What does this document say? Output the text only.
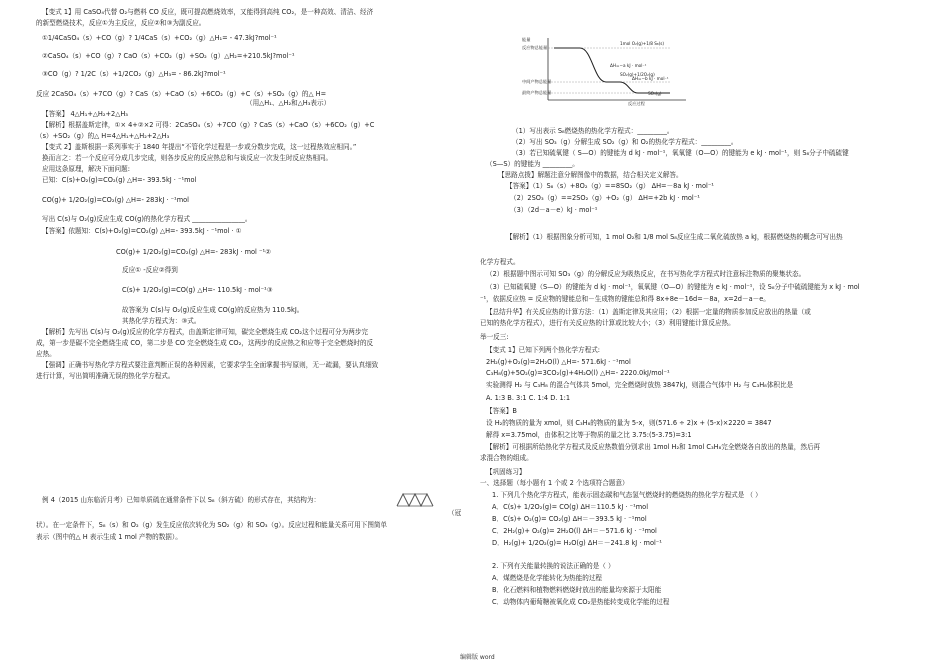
【变式 1】用 CaSO₄代替 O₂与燃料 CO 反应，既可提高燃烧效率，又能得到高纯 CO₂，是一种高效、清洁、经济
的新型燃烧技术，反应①为主反应，反应②和③为副反应。
①1/4CaSO₄（s）+CO（g）? 1/4CaS（s）+CO₂（g）△H₁= - 47.3kJ?mol⁻¹
②CaSO₄（s）+CO（g）? CaO（s）+CO₂（g）+SO₂（g）△H₂=+210.5kJ?mol⁻¹
③CO（g）? 1/2C（s）+1/2CO₂（g）△H₃= - 86.2kJ?mol⁻¹
反应 2CaSO₄（s）+7CO（g）? CaS（s）+CaO（s）+6CO₂（g）+C（s）+SO₂（g）的△ H=
（用△H₁、△H₂和△H₃表示）
【答案】 4△H₁+△H₂+2△H₃
【解析】根据盖斯定律，①× 4+②×2 可得：2CaSO₄（s）+7CO（g）? CaS（s）+CaO（s）+6CO₂（g）+C
（s）+SO₂（g）的△ H=4△H₁+△H₂+2△H₃
【变式 2】盖斯根据一系列事实于 1840 年提出“不管化学过程是一步或分数步完成，这一过程热效应相同。”
换而言之：若一个反应可分成几步完成，则各步反应的反应热总和与该反应一次发生时反应热相同。
应用这条原理，解决下面问题:
已知：C(s)+O₂(g)=CO₂(g) △H=- 393.5kJ · ⁻¹mol
CO(g)+ 1/2O₂(g)=CO₂(g) △H=- 283kJ · ⁻¹mol
写出 C(s)与 O₂(g)反应生成 CO(g)的热化学方程式 ________________。
【答案】依题知：C(s)+O₂(g)=CO₂(g) △H=- 393.5kJ · ⁻¹mol · ①
CO(g)+ 1/2O₂(g)=CO₂(g) △H=- 283kJ · mol ⁻¹②
反应① -反应②得到
C(s)+ 1/2O₂(g)=CO(g) △H=- 110.5kJ · mol⁻¹③
故答案为 C(s)与 O₂(g)反应生成 CO(g)的反应热为 110.5kJ。
其热化学方程式为：③式。
【解析】先写出 C(s)与 O₂(g)反应的化学方程式，由盖斯定律可知，碳完全燃烧生成 CO₂这个过程可分为两步完
成，第一步是碳不完全燃烧生成 CO，第二步是 CO 完全燃烧生成 CO₂，这两步的反应热之和应等于完全燃烧时的反
应热。
【强调】正确书写热化学方程式要注意判断正误的各种因素，它要求学生全面掌握书写原则，无一疏漏，要认真细致
进行计算，写出简明准确无误的热化学方程式。
例 4（2015 山东临沂月考）已知单质硫在通常条件下以 S₈（斜方硫）的形式存在，其结构为：
（冠
状）。在一定条件下，S₈（s）和 O₂（g）发生反应依次转化为 SO₂（g）和 SO₃（g）。反应过程和能量关系可用下图简单
表示（图中的△ H 表示生成 1 mol 产物的数据）。
能量
反应物总能量
中间产物总能量
最终产物总能量
1mol O₂(g)+1/8 S₈(s)
ΔH=−a kJ · mol⁻¹
ΔH=−b kJ · mol⁻¹
SO₂(g)+1/2O₂(g)
SO₃(g)
反应过程
（1）写出表示 S₈燃烧热的热化学方程式：_________。
（2）写出 SO₃（g）分解生成 SO₂（g）和 O₂的热化学方程式：_________。
（3）若已知硫氧键（ S—O）的键能为 d kJ · mol⁻¹，氧氧键（O—O）的键能为 e kJ · mol⁻¹，则 S₈分子中硫硫键
（S—S）的键能为 _________。
【思路点拨】解题注意分解图像中的数据，结合相关定义解答。
【答案】（1）S₈（s）+8O₂（g）==8SO₂（g） ΔH=－8a kJ · mol⁻¹
（2）2SO₃（g）==2SO₂（g）+O₂（g） ΔH=+2b kJ · mol⁻¹
（3）（2d－a－e）kJ · mol⁻¹
【解析】（1）根据图象分析可知，1 mol O₂和 1/8 mol S₈反应生成二氧化硫放热 a kJ，根据燃烧热的概念可写出热
化学方程式。
（2）根据题中图示可知 SO₃（g）的分解反应为吸热反应，在书写热化学方程式时注意标注物质的聚集状态。
（3）已知硫氧键（S—O）的键能为 d kJ · mol⁻¹，氧氧键（O—O）的键能为 e kJ · mol⁻¹，设 S₈分子中硫硫键能为 x kJ · mol
⁻¹，依据反应热 = 反应物的键能总和－生成物的键能总和得 8x+8e－16d=－8a，x=2d－a－e。
【总结升华】有关反应热的计算方法：（1）盖斯定律及其应用；（2）根据一定量的物质参加反应放出的热量（或
已知的热化学方程式），进行有关反应热的计算或比较大小；（3）利用键能计算反应热。
举一反三:
【变式 1】已知下列两个热化学方程式:
2H₂(g)+O₂(g)=2H₂O(l) △H=- 571.6kJ · ⁻¹mol
C₃H₈(g)+5O₂(g)=3CO₂(g)+4H₂O(l) △H=- 2220.0kJ/mol⁻¹
实验测得 H₂ 与 C₃H₈ 的混合气体共 5mol，完全燃烧时放热 3847kJ，则混合气体中 H₂ 与 C₃H₈体积比是
A. 1:3 B. 3:1 C. 1:4 D. 1:1
【答案】B
设 H₂的物质的量为 xmol，则 C₃H₈的物质的量为 5-x，则(571.6 ÷ 2)x + (5-x)×2220 = 3847
解得 x=3.75mol，由体积之比等于物质的量之比 3.75:(5-3.75)=3:1
【解析】可根据所给热化学方程式及反应热数值分别求出 1mol H₂和 1mol C₃H₈完全燃烧各自放出的热量，然后再
求混合物的组成。
【巩固练习】
一、选择题（每小题有 1 个或 2 个选项符合题意）
1. 下列几个热化学方程式，能表示固态碳和气态氢气燃烧时的燃烧热的热化学方程式是 （ ）
A．C(s)+ 1/2O₂(g)= CO(g) ΔH＝110.5 kJ · ⁻¹mol
B．C(s)+ O₂(g)= CO₂(g) ΔH＝－393.5 kJ · ⁻¹mol
C．2H₂(g)+ O₂(g)= 2H₂O(l) ΔH＝－571.6 kJ · ⁻¹mol
D．H₂(g)+ 1/2O₂(g)= H₂O(g) ΔH＝－241.8 kJ · mol⁻¹
2. 下列有关能量转换的说法正确的是（ ）
A．煤燃烧是化学能转化为热能的过程
B．化石燃料和植物燃料燃烧时放出的能量均来源于太阳能
C．动物体内葡萄糖被氧化成 CO₂是热能转变成化学能的过程
编辑版 word
